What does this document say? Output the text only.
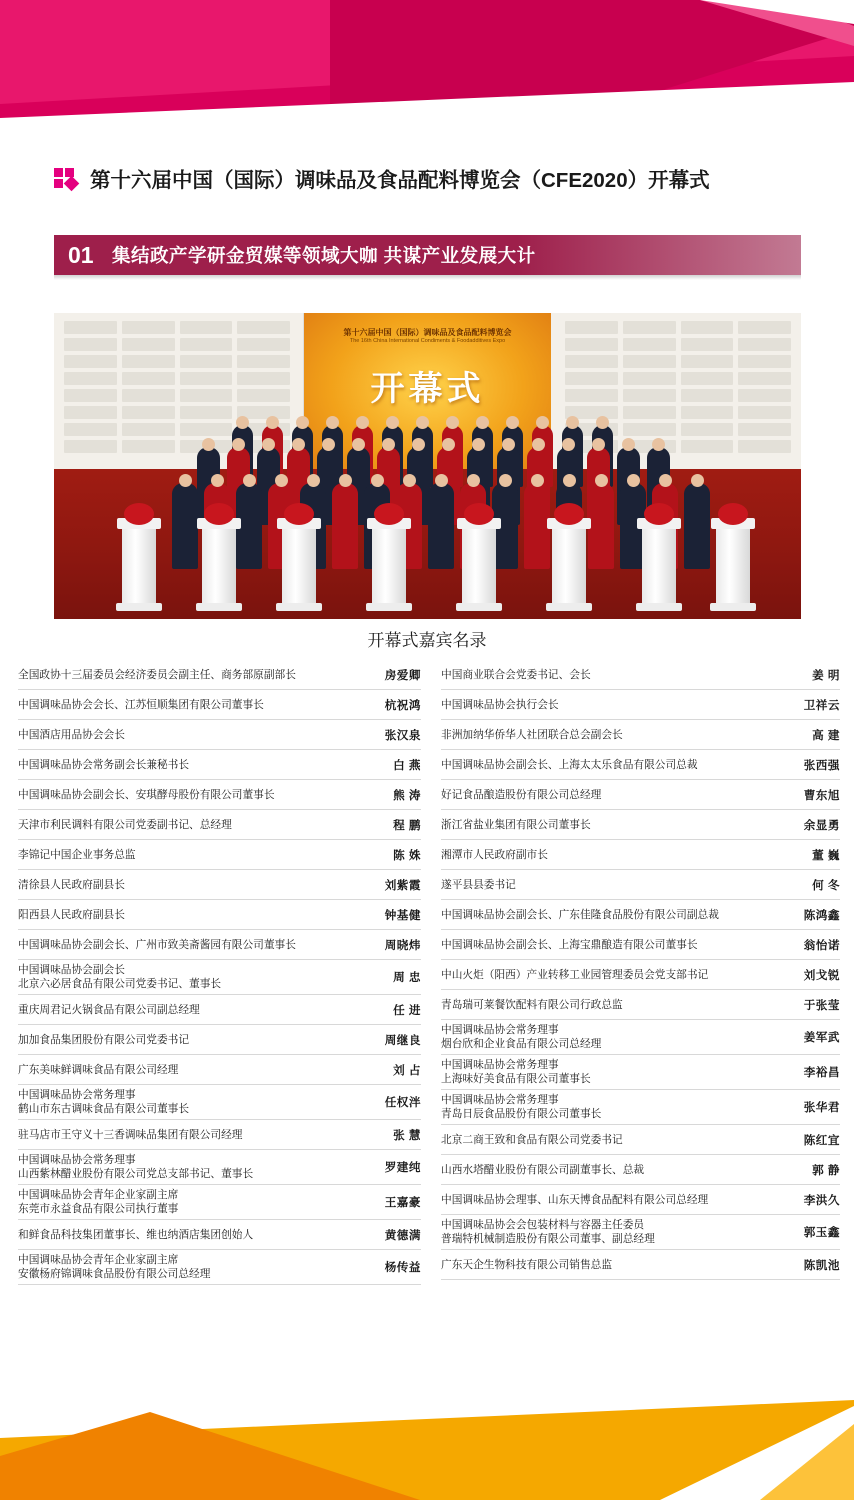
第十六届中国（国际）调味品及食品配料博览会（CFE2020）开幕式
01 集结政产学研金贸媒等领域大咖 共谋产业发展大计
第十六届中国（国际）调味品及食品配料博览会
The 16th China International Condiments & Foodadditives Expo
开幕式
开幕式嘉宾名录
全国政协十三届委员会经济委员会副主任、商务部原副部长	房爱卿
中国调味品协会会长、江苏恒顺集团有限公司董事长	杭祝鸿
中国酒店用品协会会长	张汉泉
中国调味品协会常务副会长兼秘书长	白 燕
中国调味品协会副会长、安琪酵母股份有限公司董事长	熊 涛
天津市利民调料有限公司党委副书记、总经理	程 鹏
李锦记中国企业事务总监	陈 姝
清徐县人民政府副县长	刘紫霞
阳西县人民政府副县长	钟基健
中国调味品协会副会长、广州市致美斋酱园有限公司董事长	周晓炜
中国调味品协会副会长
北京六必居食品有限公司党委书记、董事长	周 忠
重庆周君记火锅食品有限公司副总经理	任 进
加加食品集团股份有限公司党委书记	周继良
广东美味鲜调味食品有限公司经理	刘 占
中国调味品协会常务理事
鹤山市东古调味食品有限公司董事长	任权泮
驻马店市王守义十三香调味品集团有限公司经理	张 慧
中国调味品协会常务理事
山西紫林醋业股份有限公司党总支部书记、董事长	罗建纯
中国调味品协会青年企业家副主席
东莞市永益食品有限公司执行董事	王嘉豪
和鲜食品科技集团董事长、维也纳酒店集团创始人	黄德满
中国调味品协会青年企业家副主席
安徽杨府锦调味食品股份有限公司总经理	杨传益
中国商业联合会党委书记、会长	姜 明
中国调味品协会执行会长	卫祥云
非洲加纳华侨华人社团联合总会副会长	高 建
中国调味品协会副会长、上海太太乐食品有限公司总裁	张西强
好记食品酿造股份有限公司总经理	曹东旭
浙江省盐业集团有限公司董事长	余显勇
湘潭市人民政府副市长	董 巍
遂平县县委书记	何 冬
中国调味品协会副会长、广东佳隆食品股份有限公司副总裁	陈鸿鑫
中国调味品协会副会长、上海宝鼎酿造有限公司董事长	翁怡诺
中山火炬（阳西）产业转移工业园管理委员会党支部书记	刘戈锐
青岛瑞可莱餐饮配料有限公司行政总监	于张莹
中国调味品协会常务理事
烟台欣和企业食品有限公司总经理	姜军武
中国调味品协会常务理事
上海味好美食品有限公司董事长	李裕昌
中国调味品协会常务理事
青岛日辰食品股份有限公司董事长	张华君
北京二商王致和食品有限公司党委书记	陈红宜
山西水塔醋业股份有限公司副董事长、总裁	郭 静
中国调味品协会理事、山东天博食品配料有限公司总经理	李洪久
中国调味品协会会包装材料与容器主任委员
普瑞特机械制造股份有限公司董事、副总经理	郭玉鑫
广东天企生物科技有限公司销售总监	陈凯池
